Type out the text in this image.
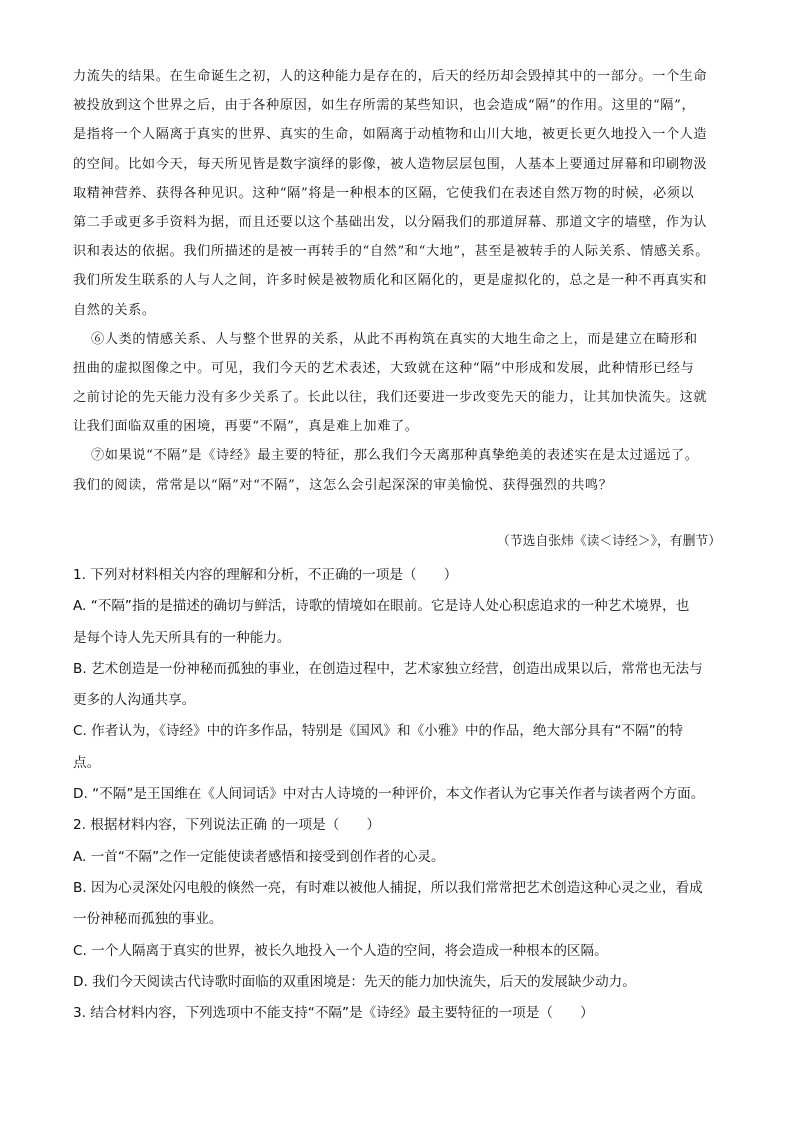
力流失的结果。在生命诞生之初，人的这种能力是存在的，后天的经历却会毁掉其中的一部分。一个生命
被投放到这个世界之后，由于各种原因，如生存所需的某些知识，也会造成“隔”的作用。这里的“隔”，
是指将一个人隔离于真实的世界、真实的生命，如隔离于动植物和山川大地，被更长更久地投入一个人造
的空间。比如今天，每天所见皆是数字演绎的影像，被人造物层层包围，人基本上要通过屏幕和印刷物汲
取精神营养、获得各种见识。这种“隔”将是一种根本的区隔，它使我们在表述自然万物的时候，必须以
第二手或更多手资料为据，而且还要以这个基础出发，以分隔我们的那道屏幕、那道文字的墙壁，作为认
识和表达的依据。我们所描述的是被一再转手的“自然”和“大地”，甚至是被转手的人际关系、情感关系。
我们所发生联系的人与人之间，许多时候是被物质化和区隔化的，更是虚拟化的，总之是一种不再真实和
自然的关系。
⑥人类的情感关系、人与整个世界的关系，从此不再构筑在真实的大地生命之上，而是建立在畸形和
扭曲的虚拟图像之中。可见，我们今天的艺术表述，大致就在这种“隔”中形成和发展，此种情形已经与
之前讨论的先天能力没有多少关系了。长此以往，我们还要进一步改变先天的能力，让其加快流失。这就
让我们面临双重的困境，再要“不隔”，真是难上加难了。
⑦如果说“不隔”是《诗经》最主要的特征，那么我们今天离那种真挚绝美的表述实在是太过遥远了。
我们的阅读，常常是以“隔”对“不隔”，这怎么会引起深深的审美愉悦、获得强烈的共鸣？
（节选自张炜《读＜诗经＞》，有删节）
1. 下列对材料相关内容的理解和分析，不正确的一项是（　　）
A. “不隔”指的是描述的确切与鲜活，诗歌的情境如在眼前。它是诗人处心积虑追求的一种艺术境界，也
是每个诗人先天所具有的一种能力。
B. 艺术创造是一份神秘而孤独的事业，在创造过程中，艺术家独立经营，创造出成果以后，常常也无法与
更多的人沟通共享。
C. 作者认为，《诗经》中的许多作品，特别是《国风》和《小雅》中的作品，绝大部分具有“不隔”的特
点。
D. “不隔”是王国维在《人间词话》中对古人诗境的一种评价，本文作者认为它事关作者与读者两个方面。
2. 根据材料内容，下列说法正确 的一项是（　　）
A. 一首“不隔”之作一定能使读者感悟和接受到创作者的心灵。
B. 因为心灵深处闪电般的倏然一亮，有时难以被他人捕捉，所以我们常常把艺术创造这种心灵之业，看成
一份神秘而孤独的事业。
C. 一个人隔离于真实的世界，被长久地投入一个人造的空间，将会造成一种根本的区隔。
D. 我们今天阅读古代诗歌时面临的双重困境是：先天的能力加快流失，后天的发展缺少动力。
3. 结合材料内容，下列选项中不能支持“不隔”是《诗经》最主要特征的一项是（　　）
